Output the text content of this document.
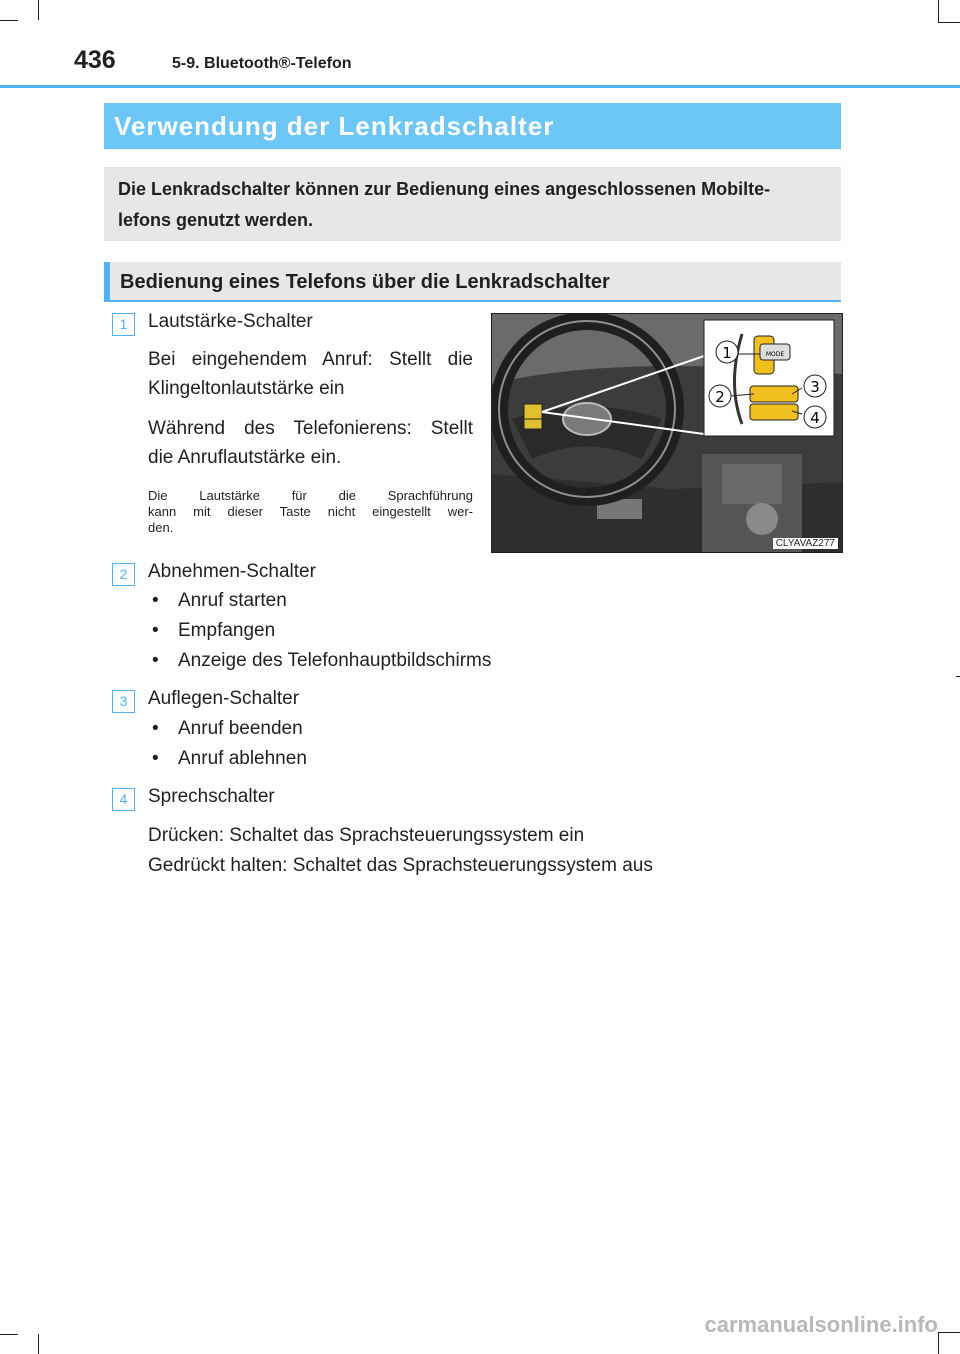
436	5-9. Bluetooth®-Telefon
Verwendung der Lenkradschalter
Die Lenkradschalter können zur Bedienung eines angeschlossenen Mobilte-
lefons genutzt werden.
Bedienung eines Telefons über die Lenkradschalter
1	Lautstärke-Schalter
Bei eingehendem Anruf: Stellt die
Klingeltonlautstärke ein
Während des Telefonierens: Stellt
die Anruflautstärke ein.
Die Lautstärke für die Sprachführung
kann mit dieser Taste nicht eingestellt wer-
den.
MODE
1
2
3
4
CLYAVAZ277
2	Abnehmen-Schalter
• Anruf starten
• Empfangen
• Anzeige des Telefonhauptbildschirms
3	Auflegen-Schalter
• Anruf beenden
• Anruf ablehnen
4	Sprechschalter
Drücken: Schaltet das Sprachsteuerungssystem ein
Gedrückt halten: Schaltet das Sprachsteuerungssystem aus
carmanualsonline.info
